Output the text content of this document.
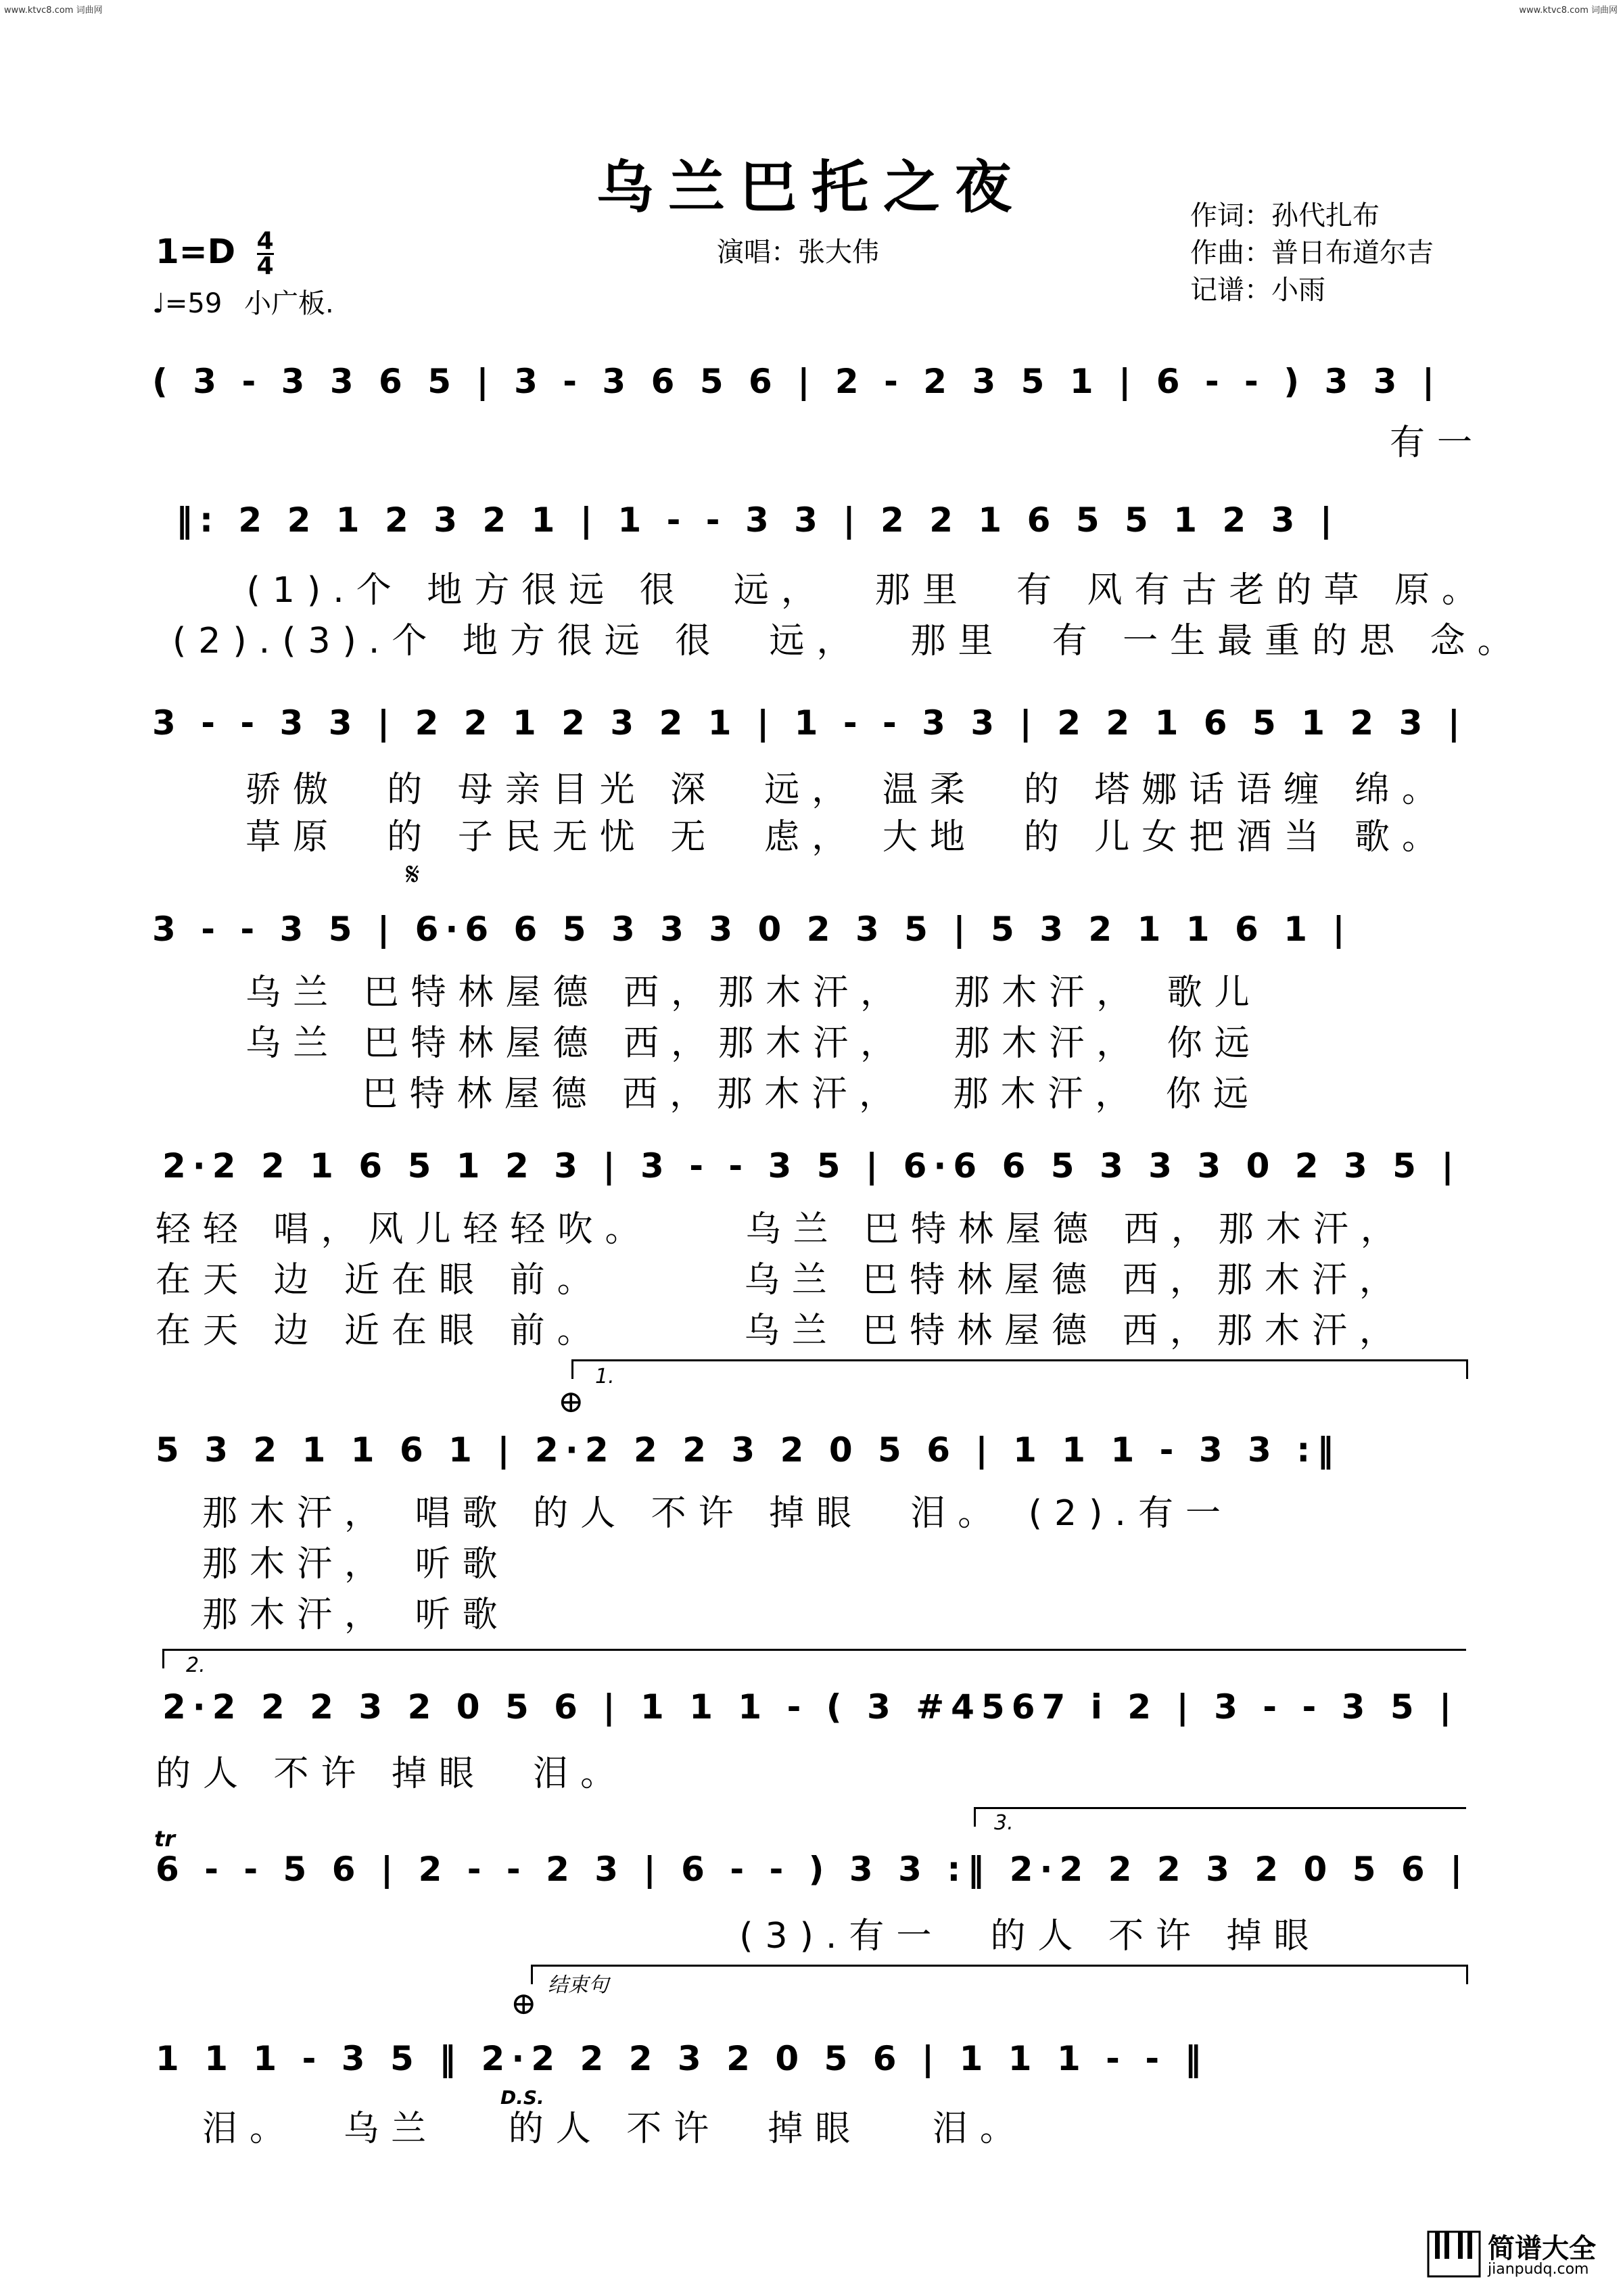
www.ktvc8.com 词曲网	www.ktvc8.com 词曲网
乌兰巴托之夜
$1=D \frac{4}{4}$
♩=59 小广板.
演唱：张大伟
作词：孙代扎布
作曲：普日布道尔吉
记谱：小雨
( 3 - 3 3 6 5 | 3 - 3 6 5 6 | 2 - 2 3 5 1 | 6 - - ) 3 3 |
有一
‖: 2 2 1 2 3 2 1 | 1 - - 3 3 | 2 2 1 6 5 5 1 2 3 |
(1).个 地方很远 很  远，  那里  有 风有古老的草 原。
(2).(3).个 地方很远 很  远，  那里  有 一生最重的思 念。
3 - - 3 3 | 2 2 1 2 3 2 1 | 1 - - 3 3 | 2 2 1 6 5 1 2 3 |
骄傲  的 母亲目光 深  远， 温柔  的 塔娜话语缠 绵。
草原  的 子民无忧 无  虑， 大地  的 儿女把酒当 歌。
𝄋
3 - - 3 5 | 6·6 6 5 3 3 3 0 2 3 5 | 5 3 2 1 1 6 1 |
乌兰 巴特林屋德 西，那木汗，  那木汗， 歌儿
乌兰 巴特林屋德 西，那木汗，  那木汗， 你远
巴特林屋德 西，那木汗，  那木汗， 你远
2·2 2 1 6 5 1 2 3 | 3 - - 3 5 | 6·6 6 5 3 3 3 0 2 3 5 |
轻轻 唱，风儿轻轻吹。    乌兰 巴特林屋德 西，那木汗，
在天 边 近在眼 前。      乌兰 巴特林屋德 西，那木汗，
在天 边 近在眼 前。      乌兰 巴特林屋德 西，那木汗，
1.
⊕
5 3 2 1 1 6 1 | 2·2 2 2 3 2 0 5 6 | 1 1 1 - 3 3 :‖
那木汗， 唱歌 的人 不许 掉眼  泪。 (2).有一
那木汗， 听歌
那木汗， 听歌
2.
2·2 2 2 3 2 0 5 6 | 1 1 1 - ( 3 #4567 i 2 | 3 - - 3 5 |
的人 不许 掉眼  泪。
tr
3.
6 - - 5 6 | 2 - - 2 3 | 6 - - ) 3 3 :‖ 2·2 2 2 3 2 0 5 6 |
(3).有一  的人 不许 掉眼
结束句
⊕
1 1 1 - 3 5 ‖ 2·2 2 2 3 2 0 5 6 | 1 1 1 - - ‖
D.S.
泪。  乌兰   的人 不许  掉眼   泪。
简谱大全
jianpudq.com
